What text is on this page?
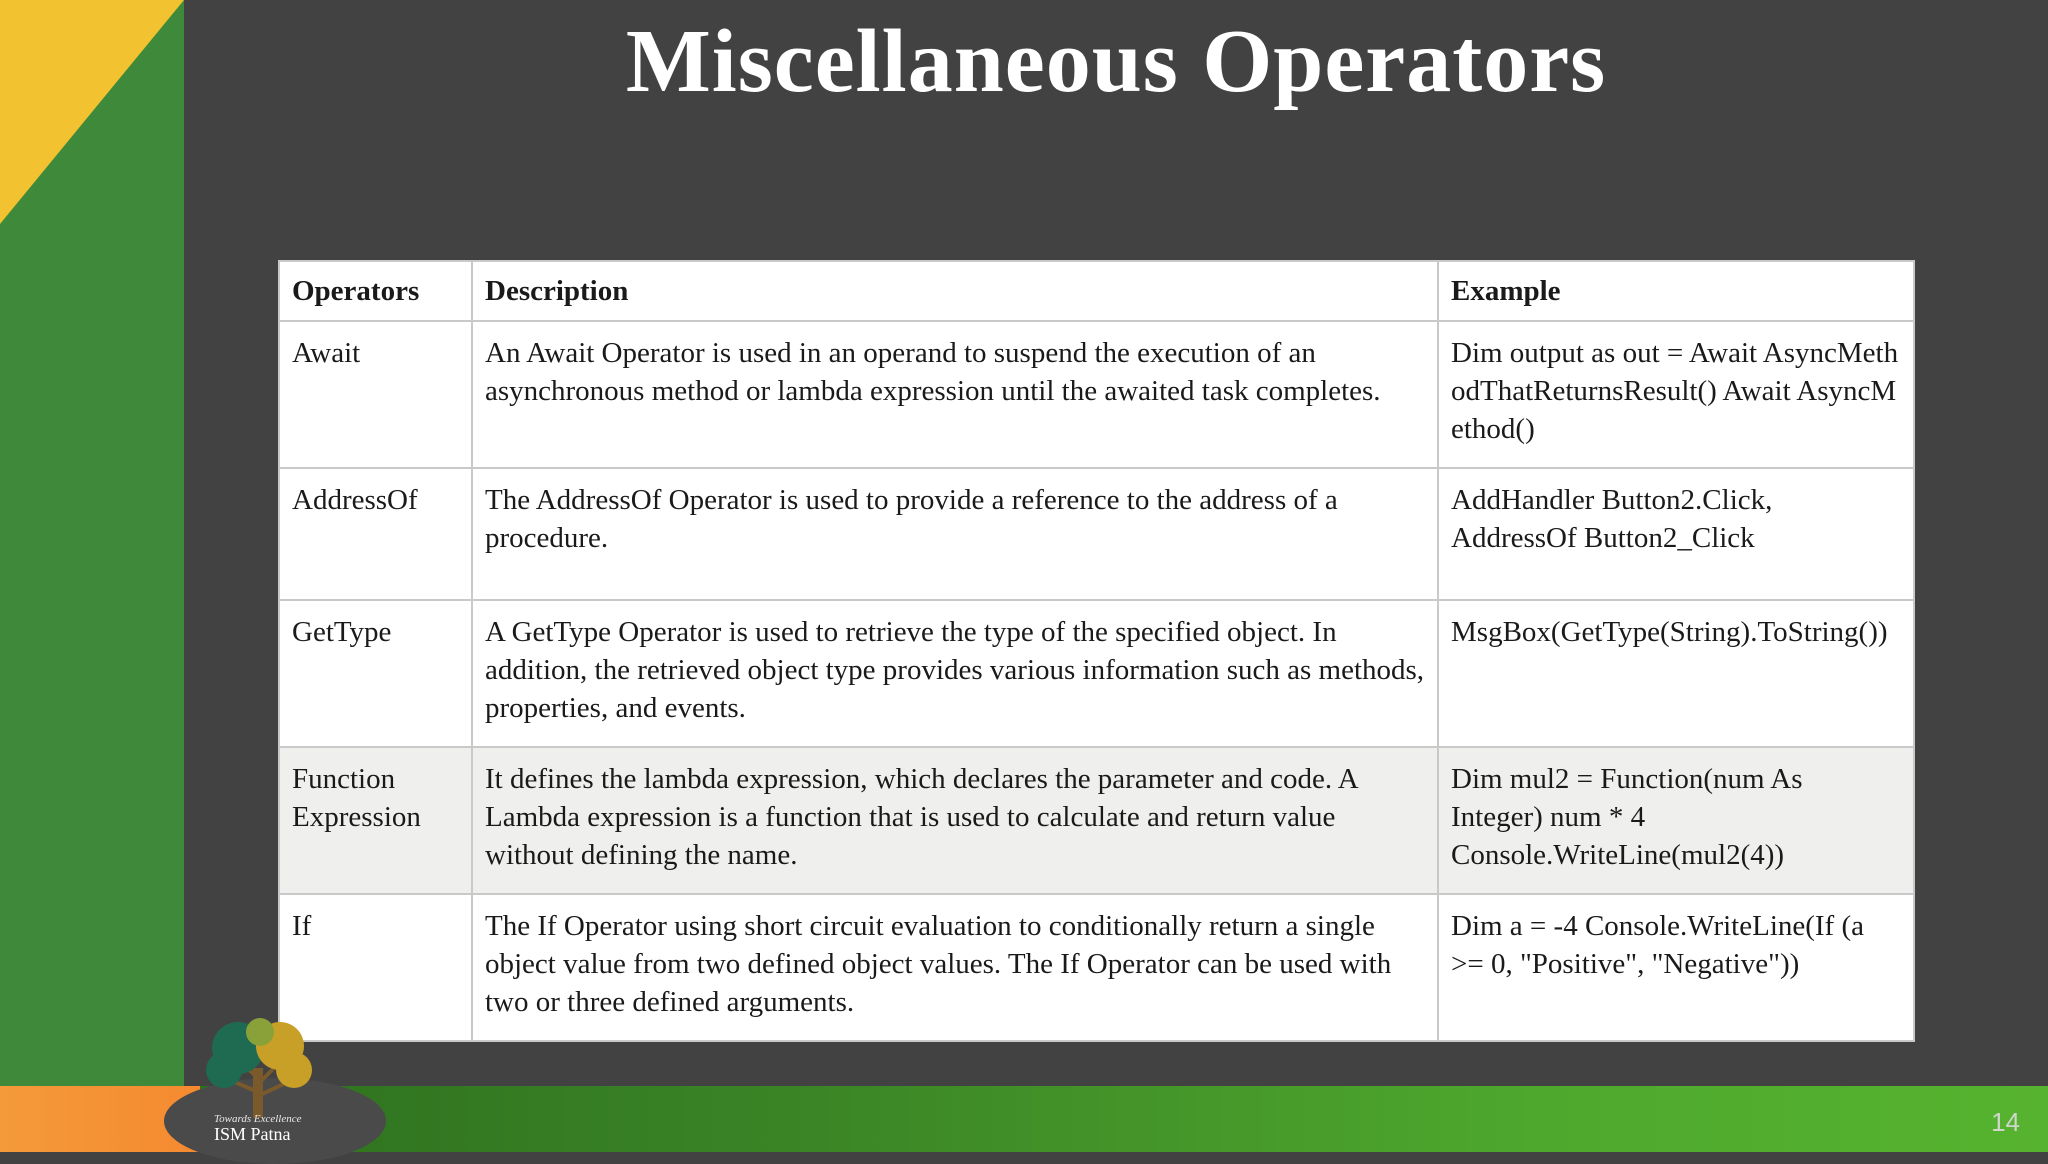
Miscellaneous Operators
Operators	Description	Example
Await	An Await Operator is used in an operand to suspend the execution of an asynchronous method or lambda expression until the awaited task completes.	Dim output as out = Await AsyncMethodThatReturnsResult() Await AsyncMethod()
AddressOf	The AddressOf Operator is used to provide a reference to the address of a procedure.	AddHandler Button2.Click, AddressOf Button2_Click
GetType	A GetType Operator is used to retrieve the type of the specified object. In addition, the retrieved object type provides various information such as methods, properties, and events.	MsgBox(GetType(String).ToString())
Function Expression	It defines the lambda expression, which declares the parameter and code. A Lambda expression is a function that is used to calculate and return value without defining the name.	Dim mul2 = Function(num As Integer) num * 4 Console.WriteLine(mul2(4))
If	The If Operator using short circuit evaluation to conditionally return a single object value from two defined object values. The If Operator can be used with two or three defined arguments.	Dim a = -4 Console.WriteLine(If (a >= 0, "Positive", "Negative"))
Towards Excellence
ISM Patna	14
